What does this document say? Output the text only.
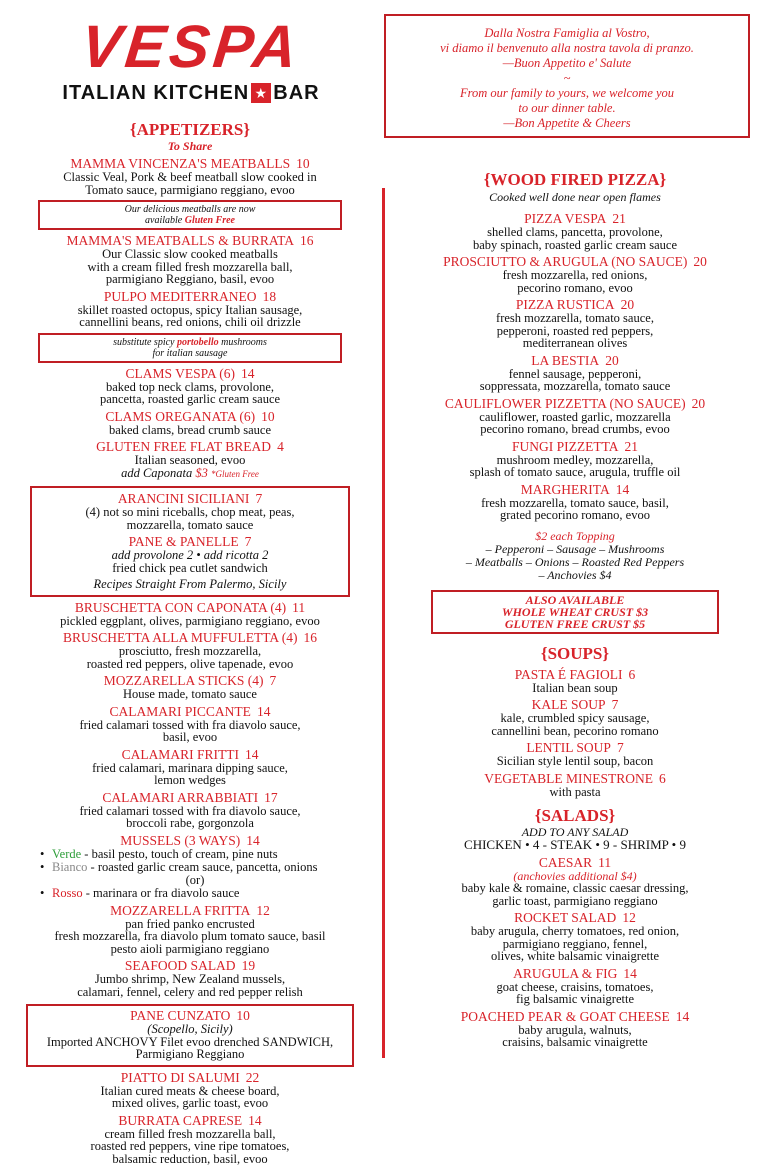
VESPA
ITALIAN KITCHEN ★ BAR
Dalla Nostra Famiglia al Vostro,
vi diamo il benvenuto alla nostra tavola di pranzo.
—Buon Appetito e' Salute
~
From our family to yours, we welcome you
to our dinner table.
—Bon Appetite & Cheers
{APPETIZERS}
To Share
MAMMA VINCENZA'S MEATBALLS 10
Classic Veal, Pork & beef meatball slow cooked in
Tomato sauce, parmigiano reggiano, evoo
Our delicious meatballs are now
available Gluten Free
MAMMA'S MEATBALLS & BURRATA 16
Our Classic slow cooked meatballs
with a cream filled fresh mozzarella ball,
parmigiano Reggiano, basil, evoo
PULPO MEDITERRANEO 18
skillet roasted octopus, spicy Italian sausage,
cannellini beans, red onions, chili oil drizzle
substitute spicy portobello mushrooms
for italian sausage
CLAMS VESPA (6) 14
baked top neck clams, provolone,
pancetta, roasted garlic cream sauce
CLAMS OREGANATA (6) 10
baked clams, bread crumb sauce
GLUTEN FREE FLAT BREAD 4
Italian seasoned, evoo
add Caponata $3 *Gluten Free
ARANCINI SICILIANI 7
(4) not so mini riceballs, chop meat, peas,
mozzarella, tomato sauce
PANE & PANELLE 7
add provolone 2 • add ricotta 2
fried chick pea cutlet sandwich
Recipes Straight From Palermo, Sicily
BRUSCHETTA CON CAPONATA (4) 11
pickled eggplant, olives, parmigiano reggiano, evoo
BRUSCHETTA ALLA MUFFULETTA (4) 16
prosciutto, fresh mozzarella,
roasted red peppers, olive tapenade, evoo
MOZZARELLA STICKS (4) 7
House made, tomato sauce
CALAMARI PICCANTE 14
fried calamari tossed with fra diavolo sauce,
basil, evoo
CALAMARI FRITTI 14
fried calamari, marinara dipping sauce,
lemon wedges
CALAMARI ARRABBIATI 17
fried calamari tossed with fra diavolo sauce,
broccoli rabe, gorgonzola
MUSSELS (3 WAYS) 14
• Verde - basil pesto, touch of cream, pine nuts
• Bianco - roasted garlic cream sauce, pancetta, onions
(or)
• Rosso - marinara or fra diavolo sauce
MOZZARELLA FRITTA 12
pan fried panko encrusted
fresh mozzarella, fra diavolo plum tomato sauce, basil
pesto aioli parmigiano reggiano
SEAFOOD SALAD 19
Jumbo shrimp, New Zealand mussels,
calamari, fennel, celery and red pepper relish
PANE CUNZATO 10
(Scopello, Sicily)
Imported ANCHOVY Filet evoo drenched SANDWICH,
Parmigiano Reggiano
PIATTO DI SALUMI 22
Italian cured meats & cheese board,
mixed olives, garlic toast, evoo
BURRATA CAPRESE 14
cream filled fresh mozzarella ball,
roasted red peppers, vine ripe tomatoes,
balsamic reduction, basil, evoo
{WOOD FIRED PIZZA}
Cooked well done near open flames
PIZZA VESPA 21
shelled clams, pancetta, provolone,
baby spinach, roasted garlic cream sauce
PROSCIUTTO & ARUGULA (NO SAUCE) 20
fresh mozzarella, red onions,
pecorino romano, evoo
PIZZA RUSTICA 20
fresh mozzarella, tomato sauce,
pepperoni, roasted red peppers,
mediterranean olives
LA BESTIA 20
fennel sausage, pepperoni,
soppressata, mozzarella, tomato sauce
CAULIFLOWER PIZZETTA (NO SAUCE) 20
cauliflower, roasted garlic, mozzarella
pecorino romano, bread crumbs, evoo
FUNGI PIZZETTA 21
mushroom medley, mozzarella,
splash of tomato sauce, arugula, truffle oil
MARGHERITA 14
fresh mozzarella, tomato sauce, basil,
grated pecorino romano, evoo
$2 each Topping
– Pepperoni – Sausage – Mushrooms
– Meatballs – Onions – Roasted Red Peppers
– Anchovies $4
ALSO AVAILABLE
WHOLE WHEAT CRUST $3
GLUTEN FREE CRUST $5
{SOUPS}
PASTA É FAGIOLI 6
Italian bean soup
KALE SOUP 7
kale, crumbled spicy sausage,
cannellini bean, pecorino romano
LENTIL SOUP 7
Sicilian style lentil soup, bacon
VEGETABLE MINESTRONE 6
with pasta
{SALADS}
ADD TO ANY SALAD
CHICKEN • 4 - STEAK • 9 - SHRIMP • 9
CAESAR 11
(anchovies additional $4)
baby kale & romaine, classic caesar dressing,
garlic toast, parmigiano reggiano
ROCKET SALAD 12
baby arugula, cherry tomatoes, red onion,
parmigiano reggiano, fennel,
olives, white balsamic vinaigrette
ARUGULA & FIG 14
goat cheese, craisins, tomatoes,
fig balsamic vinaigrette
POACHED PEAR & GOAT CHEESE 14
baby arugula, walnuts,
craisins, balsamic vinaigrette
